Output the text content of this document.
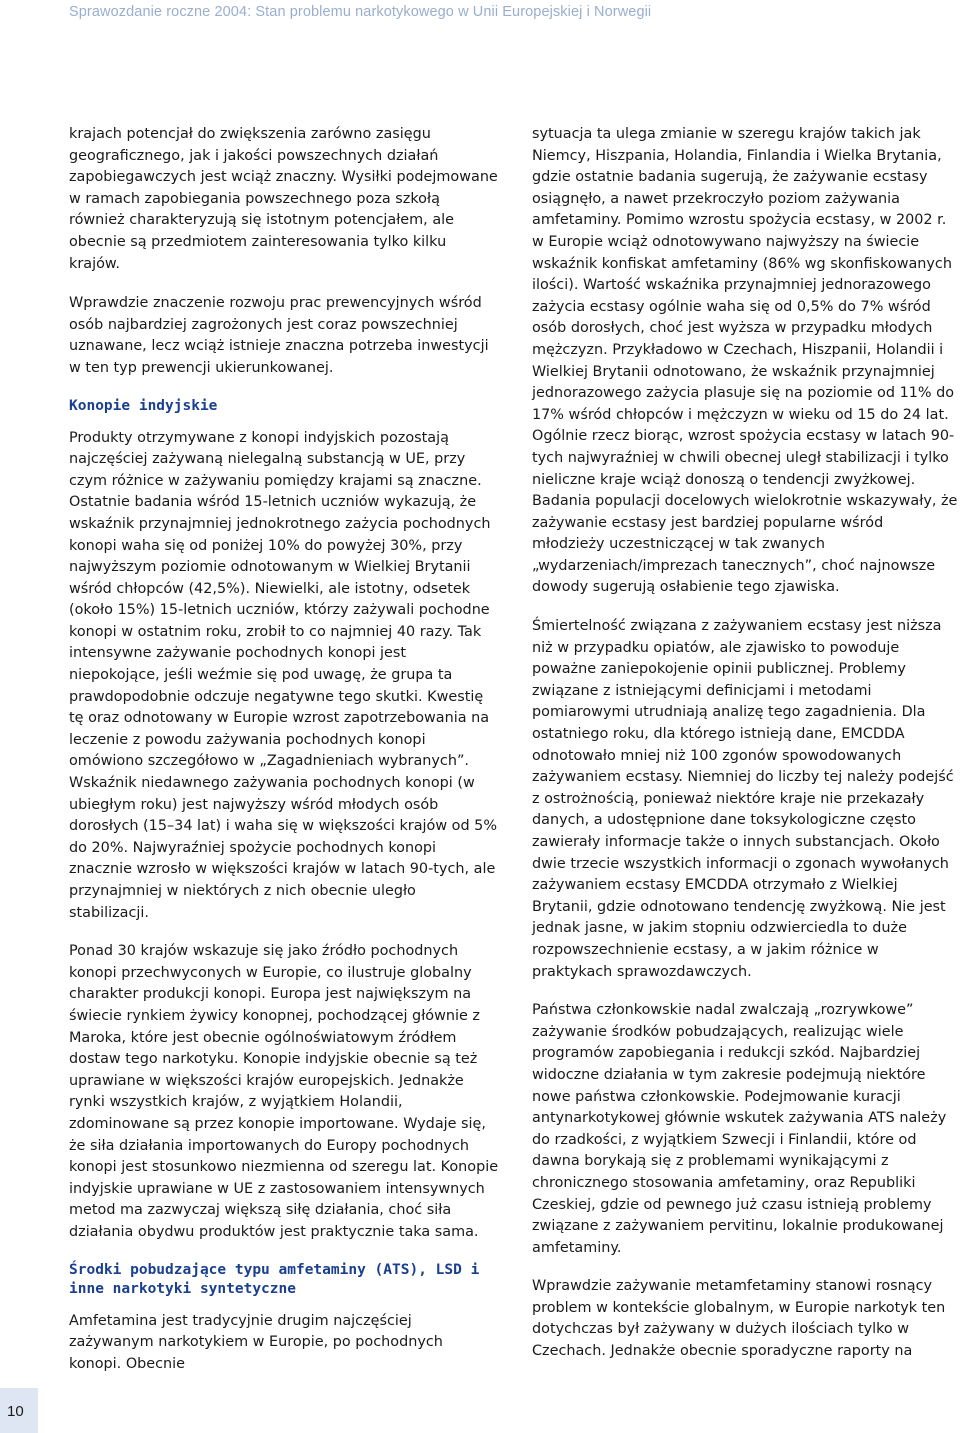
Sprawozdanie roczne 2004: Stan problemu narkotykowego w Unii Europejskiej i Norwegii

krajach potencjał do zwiększenia zarówno zasięgu geograficznego, jak i jakości powszechnych działań zapobiegawczych jest wciąż znaczny. Wysiłki podejmowane w ramach zapobiegania powszechnego poza szkołą również charakteryzują się istotnym potencjałem, ale obecnie są przedmiotem zainteresowania tylko kilku krajów.

Wprawdzie znaczenie rozwoju prac prewencyjnych wśród osób najbardziej zagrożonych jest coraz powszechniej uznawane, lecz wciąż istnieje znaczna potrzeba inwestycji w ten typ prewencji ukierunkowanej.

Konopie indyjskie

Produkty otrzymywane z konopi indyjskich pozostają najczęściej zażywaną nielegalną substancją w UE, przy czym różnice w zażywaniu pomiędzy krajami są znaczne. Ostatnie badania wśród 15-letnich uczniów wykazują, że wskaźnik przynajmniej jednokrotnego zażycia pochodnych konopi waha się od poniżej 10% do powyżej 30%, przy najwyższym poziomie odnotowanym w Wielkiej Brytanii wśród chłopców (42,5%). Niewielki, ale istotny, odsetek (około 15%) 15-letnich uczniów, którzy zażywali pochodne konopi w ostatnim roku, zrobił to co najmniej 40 razy. Tak intensywne zażywanie pochodnych konopi jest niepokojące, jeśli weźmie się pod uwagę, że grupa ta prawdopodobnie odczuje negatywne tego skutki. Kwestię tę oraz odnotowany w Europie wzrost zapotrzebowania na leczenie z powodu zażywania pochodnych konopi omówiono szczegółowo w „Zagadnieniach wybranych”. Wskaźnik niedawnego zażywania pochodnych konopi (w ubiegłym roku) jest najwyższy wśród młodych osób dorosłych (15–34 lat) i waha się w większości krajów od 5% do 20%. Najwyraźniej spożycie pochodnych konopi znacznie wzrosło w większości krajów w latach 90-tych, ale przynajmniej w niektórych z nich obecnie uległo stabilizacji.

Ponad 30 krajów wskazuje się jako źródło pochodnych konopi przechwyconych w Europie, co ilustruje globalny charakter produkcji konopi. Europa jest największym na świecie rynkiem żywicy konopnej, pochodzącej głównie z Maroka, które jest obecnie ogólnoświatowym źródłem dostaw tego narkotyku. Konopie indyjskie obecnie są też uprawiane w większości krajów europejskich. Jednakże rynki wszystkich krajów, z wyjątkiem Holandii, zdominowane są przez konopie importowane. Wydaje się, że siła działania importowanych do Europy pochodnych konopi jest stosunkowo niezmienna od szeregu lat. Konopie indyjskie uprawiane w UE z zastosowaniem intensywnych metod ma zazwyczaj większą siłę działania, choć siła działania obydwu produktów jest praktycznie taka sama.

Środki pobudzające typu amfetaminy (ATS), LSD i inne narkotyki syntetyczne

Amfetamina jest tradycyjnie drugim najczęściej zażywanym narkotykiem w Europie, po pochodnych konopi. Obecnie

sytuacja ta ulega zmianie w szeregu krajów takich jak Niemcy, Hiszpania, Holandia, Finlandia i Wielka Brytania, gdzie ostatnie badania sugerują, że zażywanie ecstasy osiągnęło, a nawet przekroczyło poziom zażywania amfetaminy. Pomimo wzrostu spożycia ecstasy, w 2002 r. w Europie wciąż odnotowywano najwyższy na świecie wskaźnik konfiskat amfetaminy (86% wg skonfiskowanych ilości). Wartość wskaźnika przynajmniej jednorazowego zażycia ecstasy ogólnie waha się od 0,5% do 7% wśród osób dorosłych, choć jest wyższa w przypadku młodych mężczyzn. Przykładowo w Czechach, Hiszpanii, Holandii i Wielkiej Brytanii odnotowano, że wskaźnik przynajmniej jednorazowego zażycia plasuje się na poziomie od 11% do 17% wśród chłopców i mężczyzn w wieku od 15 do 24 lat. Ogólnie rzecz biorąc, wzrost spożycia ecstasy w latach 90-tych najwyraźniej w chwili obecnej uległ stabilizacji i tylko nieliczne kraje wciąż donoszą o tendencji zwyżkowej. Badania populacji docelowych wielokrotnie wskazywały, że zażywanie ecstasy jest bardziej popularne wśród młodzieży uczestniczącej w tak zwanych „wydarzeniach/imprezach tanecznych”, choć najnowsze dowody sugerują osłabienie tego zjawiska.

Śmiertelność związana z zażywaniem ecstasy jest niższa niż w przypadku opiatów, ale zjawisko to powoduje poważne zaniepokojenie opinii publicznej. Problemy związane z istniejącymi definicjami i metodami pomiarowymi utrudniają analizę tego zagadnienia. Dla ostatniego roku, dla którego istnieją dane, EMCDDA odnotowało mniej niż 100 zgonów spowodowanych zażywaniem ecstasy. Niemniej do liczby tej należy podejść z ostrożnością, ponieważ niektóre kraje nie przekazały danych, a udostępnione dane toksykologiczne często zawierały informacje także o innych substancjach. Około dwie trzecie wszystkich informacji o zgonach wywołanych zażywaniem ecstasy EMCDDA otrzymało z Wielkiej Brytanii, gdzie odnotowano tendencję zwyżkową. Nie jest jednak jasne, w jakim stopniu odzwierciedla to duże rozpowszechnienie ecstasy, a w jakim różnice w praktykach sprawozdawczych.

Państwa członkowskie nadal zwalczają „rozrywkowe” zażywanie środków pobudzających, realizując wiele programów zapobiegania i redukcji szkód. Najbardziej widoczne działania w tym zakresie podejmują niektóre nowe państwa członkowskie. Podejmowanie kuracji antynarkotykowej głównie wskutek zażywania ATS należy do rzadkości, z wyjątkiem Szwecji i Finlandii, które od dawna borykają się z problemami wynikającymi z chronicznego stosowania amfetaminy, oraz Republiki Czeskiej, gdzie od pewnego już czasu istnieją problemy związane z zażywaniem pervitinu, lokalnie produkowanej amfetaminy.

Wprawdzie zażywanie metamfetaminy stanowi rosnący problem w kontekście globalnym, w Europie narkotyk ten dotychczas był zażywany w dużych ilościach tylko w Czechach. Jednakże obecnie sporadyczne raporty na

10
